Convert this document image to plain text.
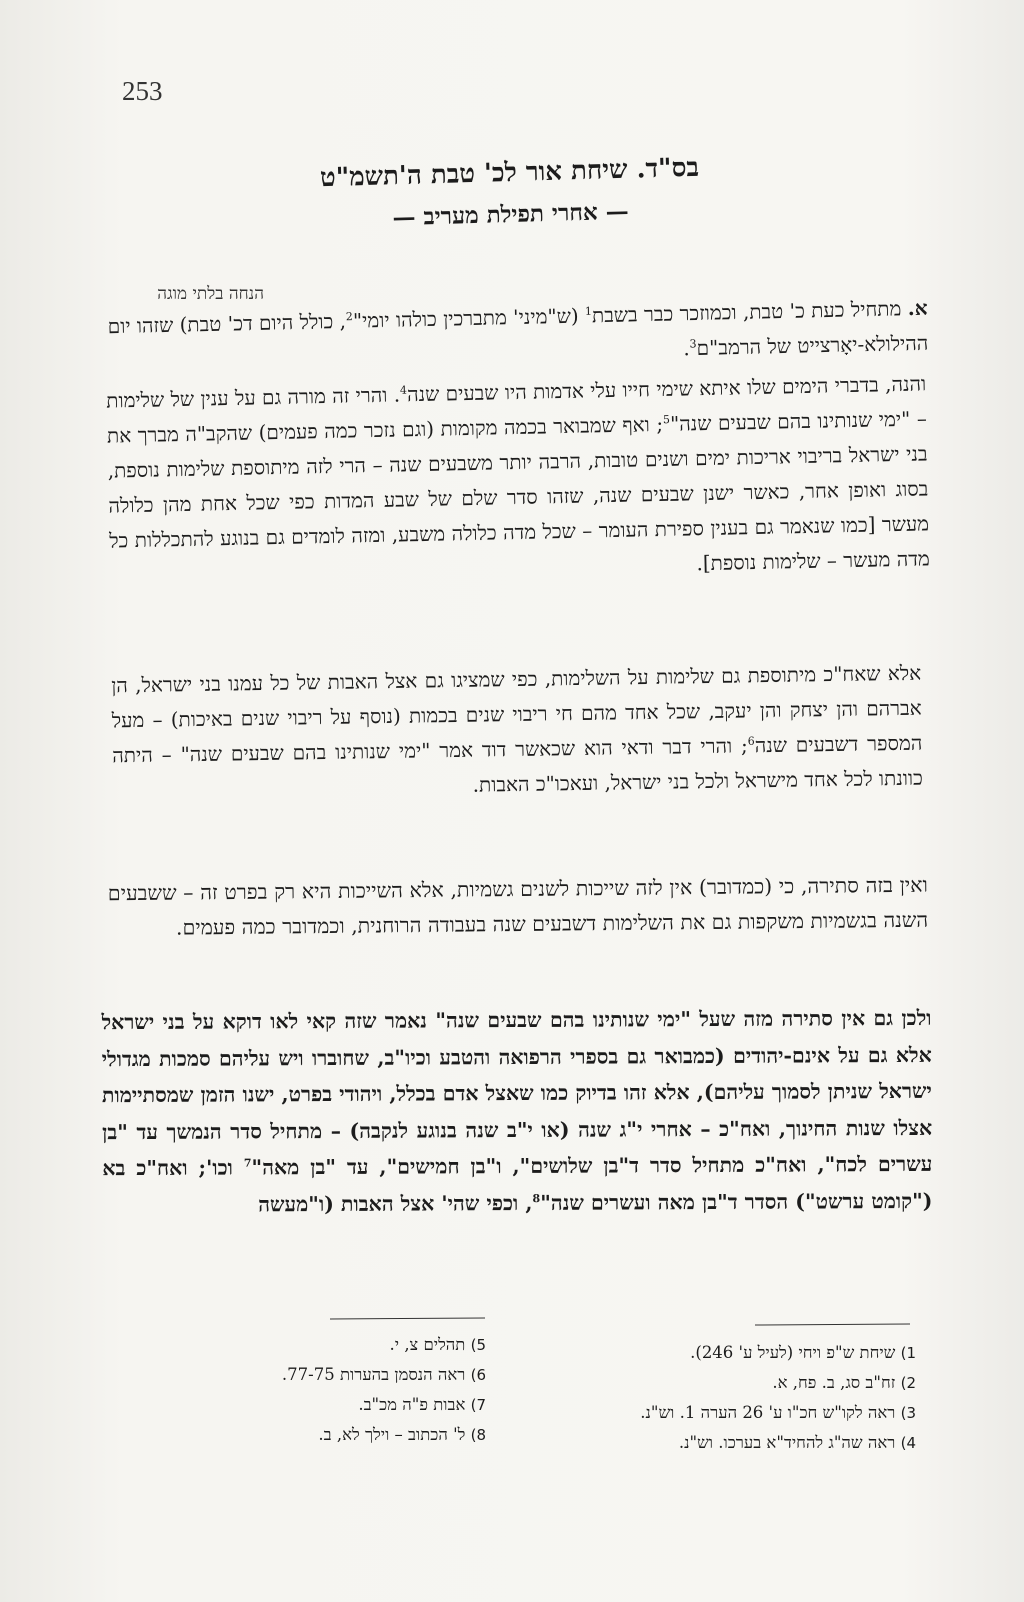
253

בס"ד. שיחת אור לכ' טבת ה'תשמ"ט

— אחרי תפילת מעריב —

הנחה בלתי מוגה

א. מתחיל כעת כ' טבת, וכמוזכר כבר בשבת$^1$ (ש"מיני' מתברכין כולהו יומי"$^2$, כולל היום דכ' טבת) שזהו יום ההילולא-יאָרצייט של הרמב"ם$^3$.

והנה, בדברי הימים שלו איתא שימי חייו עלי אדמות היו שבעים שנה$^4$. והרי זה מורה גם על ענין של שלימות – "ימי שנותינו בהם שבעים שנה"$^5$; ואף שמבואר בכמה מקומות (וגם נזכר כמה פעמים) שהקב"ה מברך את בני ישראל בריבוי אריכות ימים ושנים טובות, הרבה יותר משבעים שנה – הרי לזה מיתוספת שלימות נוספת, בסוג ואופן אחר, כאשר ישנן שבעים שנה, שזהו סדר שלם של שבע המדות כפי שכל אחת מהן כלולה מעשר [כמו שנאמר גם בענין ספירת העומר – שכל מדה כלולה משבע, ומזה לומדים גם בנוגע להתכללות כל מדה מעשר – שלימות נוספת].

אלא שאח"כ מיתוספת גם שלימות על השלימות, כפי שמציגו גם אצל האבות של כל עמנו בני ישראל, הן אברהם והן יצחק והן יעקב, שכל אחד מהם חי ריבוי שנים בכמות (נוסף על ריבוי שנים באיכות) – מעל המספר דשבעים שנה$^6$; והרי דבר ודאי הוא שכאשר דוד אמר "ימי שנותינו בהם שבעים שנה" – היתה כוונתו לכל אחד מישראל ולכל בני ישראל, ועאכו"כ האבות.

ואין בזה סתירה, כי (כמדובר) אין לזה שייכות לשנים גשמיות, אלא השייכות היא רק בפרט זה – ששבעים השנה בגשמיות משקפות גם את השלימות דשבעים שנה בעבודה הרוחנית, וכמדובר כמה פעמים.

ולכן גם אין סתירה מזה שעל "ימי שנותינו בהם שבעים שנה" נאמר שזה קאי לאו דוקא על בני ישראל אלא גם על אינם-יהודים (כמבואר גם בספרי הרפואה והטבע וכיו"ב, שחוברו ויש עליהם סמכות מגדולי ישראל שניתן לסמוך עליהם), אלא זהו בדיוק כמו שאצל אדם בכלל, ויהודי בפרט, ישנו הזמן שמסתיימות אצלו שנות החינוך, ואח"כ – אחרי י"ג שנה (או י"ב שנה בנוגע לנקבה) – מתחיל סדר הנמשך עד "בן עשרים לכח", ואח"כ מתחיל סדר ד"בן שלושים", ו"בן חמישים", עד "בן מאה"$^7$ וכו'; ואח"כ בא ("קומט ערשט") הסדר ד"בן מאה ועשרים שנה"$^8$, וכפי שהי' אצל האבות (ו"מעשה

1) שיחת ש"פ ויחי (לעיל ע' 246).
2) זח"ב סג, ב. פח, א.
3) ראה לקו"ש חכ"ו ע' 26 הערה 1. וש"נ.
4) ראה שה"ג להחיד"א בערכו. וש"נ.
5) תהלים צ, י.
6) ראה הנסמן בהערות 77-75.
7) אבות פ"ה מכ"ב.
8) ל' הכתוב – וילך לא, ב.
